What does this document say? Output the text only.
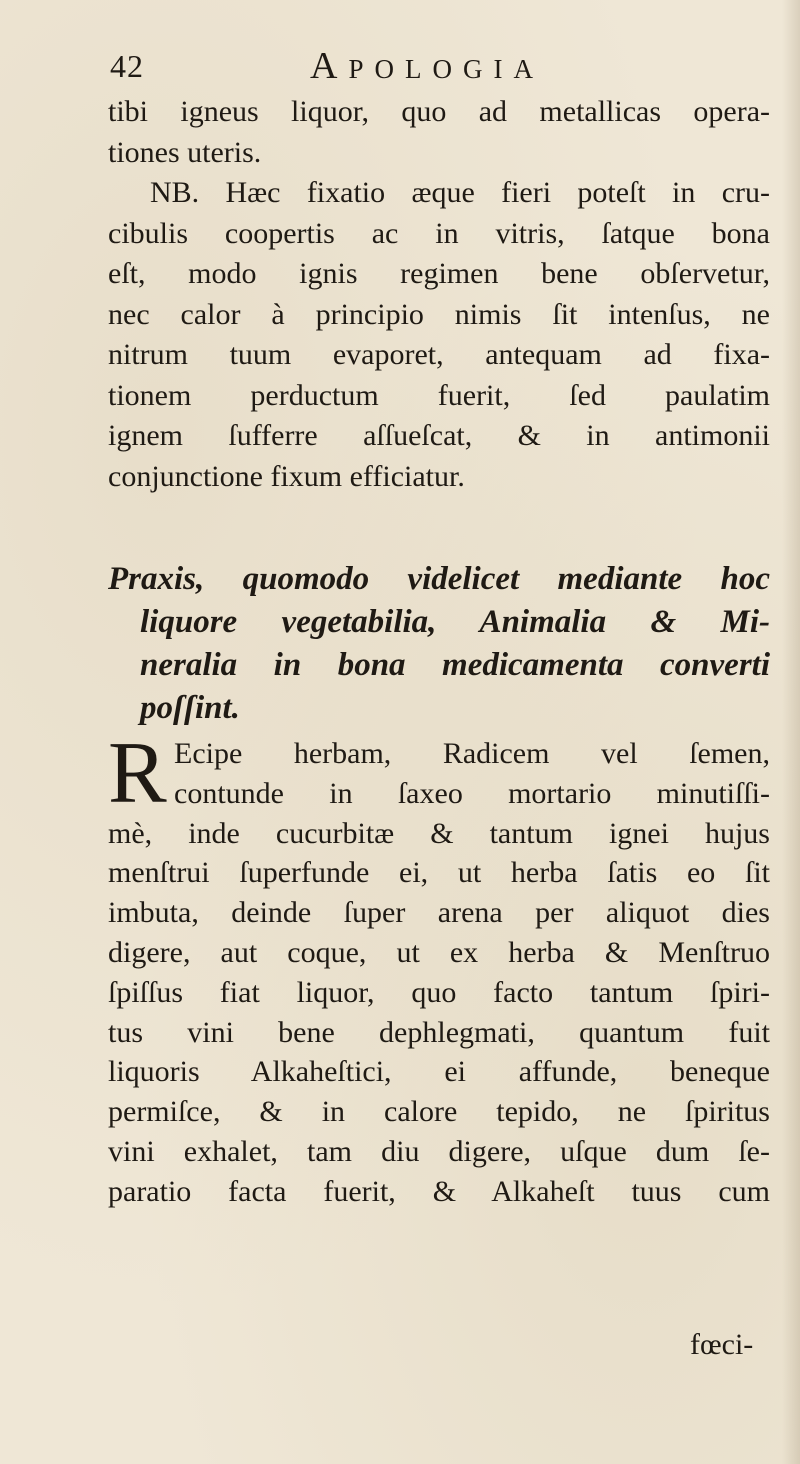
42	Apologia
tibi igneus liquor, quo ad metallicas opera-
tiones uteris.
NB. Hæc fixatio æque fieri poteſt in cru-
cibulis coopertis ac in vitris, ſatque bona
eſt, modo ignis regimen bene obſervetur,
nec calor à principio nimis ſit intenſus, ne
nitrum tuum evaporet, antequam ad fixa-
tionem perductum fuerit, ſed paulatim
ignem ſufferre aſſueſcat, & in antimonii
conjunctione fixum efficiatur.
Praxis, quomodo videlicet mediante hoc
liquore vegetabilia, Animalia & Mi-
neralia in bona medicamenta converti
poſſint.
R Ecipe herbam, Radicem vel ſemen,
contunde in ſaxeo mortario minutiſſi-
mè, inde cucurbitæ & tantum ignei hujus
menſtrui ſuperfunde ei, ut herba ſatis eo ſit
imbuta, deinde ſuper arena per aliquot dies
digere, aut coque, ut ex herba & Menſtruo
ſpiſſus fiat liquor, quo facto tantum ſpiri-
tus vini bene dephlegmati, quantum fuit
liquoris Alkaheſtici, ei affunde, beneque
permiſce, & in calore tepido, ne ſpiritus
vini exhalet, tam diu digere, uſque dum ſe-
paratio facta fuerit, & Alkaheſt tuus cum
fœci-
